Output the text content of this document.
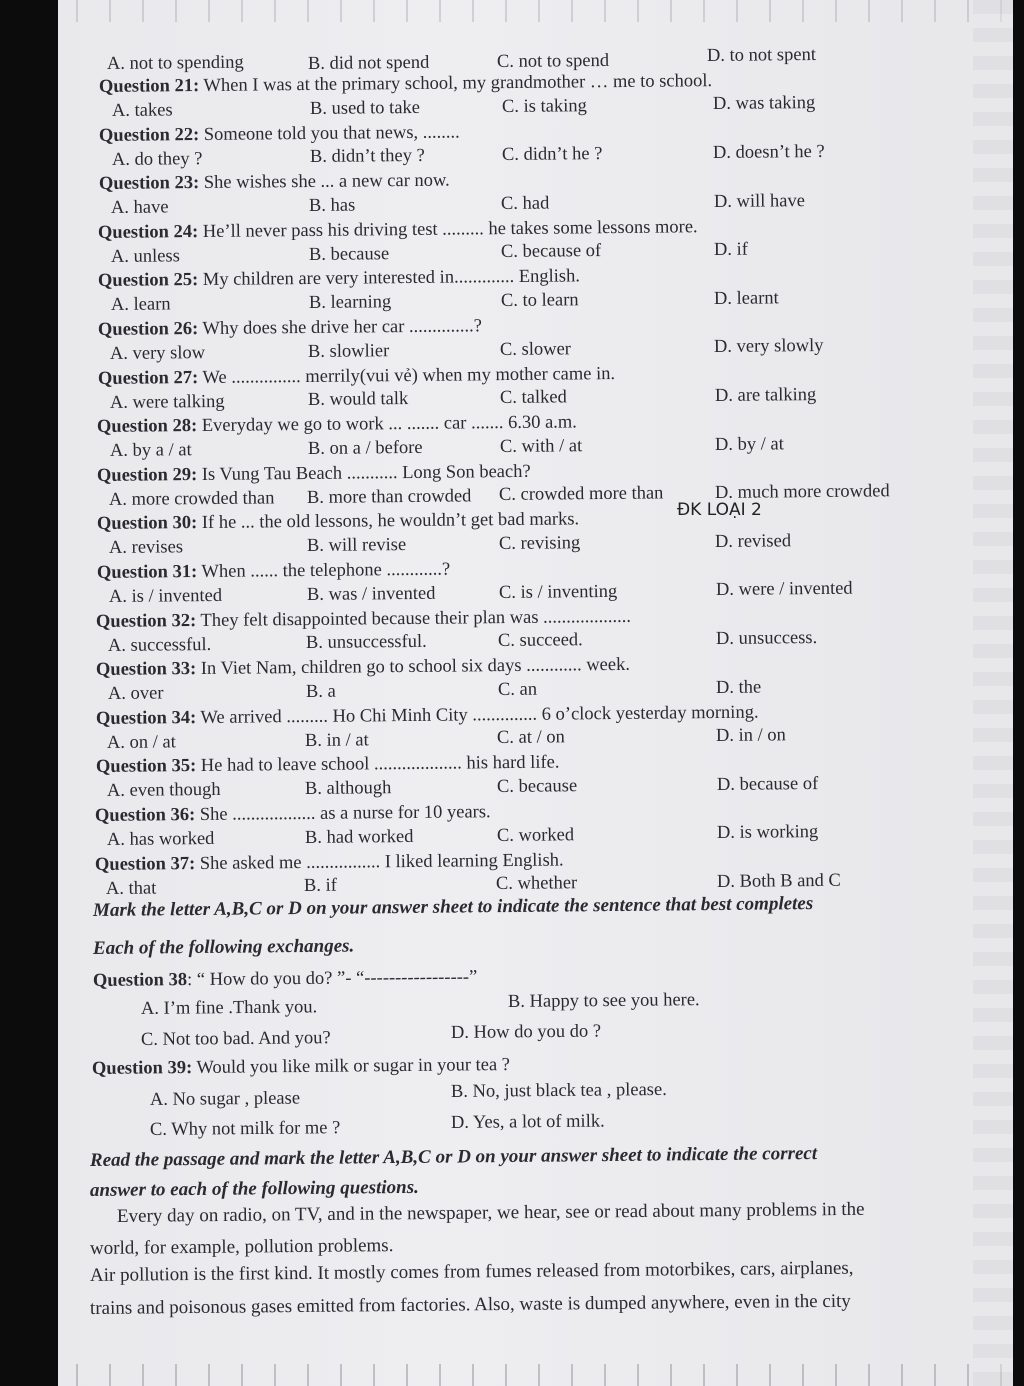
A. not to spending	B. did not spend	C. not to spend	D. to not spent
Question 21: When I was at the primary school, my grandmother … me to school.
A. takes	B. used to take	C. is taking	D. was taking
Question 22: Someone told you that news, ........
A. do they ?	B. didn’t they ?	C. didn’t he ?	D. doesn’t he ?
Question 23: She wishes she ... a new car now.
A. have	B. has	C. had	D. will have
Question 24: He’ll never pass his driving test ......... he takes some lessons more.
A. unless	B. because	C. because of	D. if
Question 25: My children are very interested in............. English.
A. learn	B. learning	C. to learn	D. learnt
Question 26: Why does she drive her car ..............?
A. very slow	B. slowlier	C. slower	D. very slowly
Question 27: We ............... merrily(vui vẻ) when my mother came in.
A. were talking	B. would talk	C. talked	D. are talking
Question 28: Everyday we go to work ... ....... car ....... 6.30 a.m.
A. by a / at	B. on a / before	C. with / at	D. by / at
Question 29: Is Vung Tau Beach ........... Long Son beach?
A. more crowded than B. more than crowded C. crowded more than	D. much more crowded
Question 30: If he ... the old lessons, he wouldn’t get bad marks.
A. revises	B. will revise	C. revising	D. revised
Question 31: When ...... the telephone ............?
A. is / invented	B. was / invented	C. is / inventing	D. were / invented
Question 32: They felt disappointed because their plan was ...................
A. successful.	B. unsuccessful.	C. succeed.	D. unsuccess.
Question 33: In Viet Nam, children go to school six days ............ week.
A. over	B. a	C. an	D. the
Question 34: We arrived ......... Ho Chi Minh City .............. 6 o’clock yesterday morning.
A. on / at	B. in / at	C. at / on	D. in / on
Question 35: He had to leave school ................... his hard life.
A. even though	B. although	C. because	D. because of
Question 36: She .................. as a nurse for 10 years.
A. has worked	B. had worked	C. worked	D. is working
Question 37: She asked me ................ I liked learning English.
A. that	B. if	C. whether	D. Both B and C
ĐK LOẠI 2
Mark the letter A,B,C or D on your answer sheet to indicate the sentence that best completes
Each of the following exchanges.
Question 38: “ How do you do? ”- “-----------------”
A. I’m fine .Thank you.	B. Happy to see you here.
C. Not too bad. And you?	D. How do you do ?
Question 39: Would you like milk or sugar in your tea ?
A. No sugar , please	B. No, just black tea , please.
C. Why not milk for me ?	D. Yes, a lot of milk.
Read the passage and mark the letter A,B,C or D on your answer sheet to indicate the correct
answer to each of the following questions.
Every day on radio, on TV, and in the newspaper, we hear, see or read about many problems in the
world, for example, pollution problems.
Air pollution is the first kind. It mostly comes from fumes released from motorbikes, cars, airplanes,
trains and poisonous gases emitted from factories. Also, waste is dumped anywhere, even in the city
